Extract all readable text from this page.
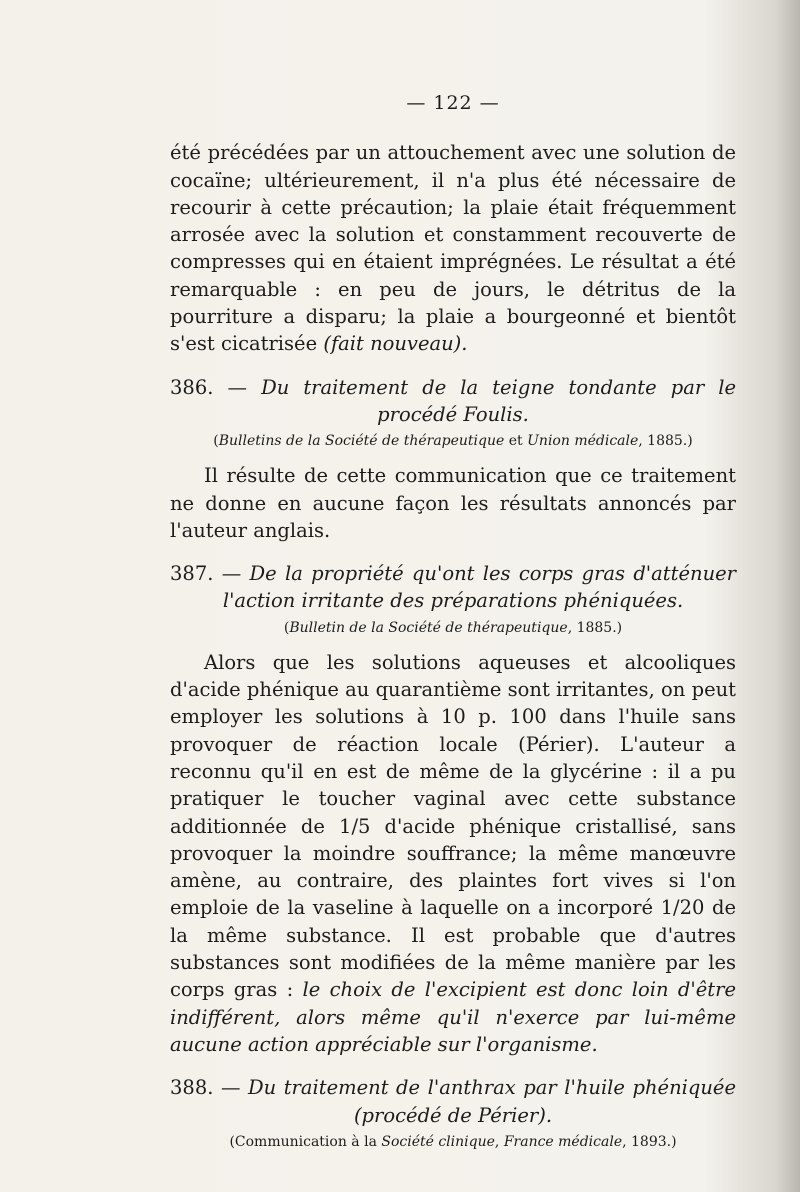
— 122 —

été précédées par un attouchement avec une solution de cocaïne; ultérieurement, il n'a plus été nécessaire de recourir à cette précaution; la plaie était fréquemment arrosée avec la solution et constamment recouverte de compresses qui en étaient imprégnées. Le résultat a été remarquable : en peu de jours, le détritus de la pourriture a disparu; la plaie a bourgeonné et bientôt s'est cicatrisée (fait nouveau).

386. — Du traitement de la teigne tondante par le procédé Foulis.

(Bulletins de la Société de thérapeutique et Union médicale, 1885.)

Il résulte de cette communication que ce traitement ne donne en aucune façon les résultats annoncés par l'auteur anglais.

387. — De la propriété qu'ont les corps gras d'atténuer l'action irritante des préparations phéniquées.

(Bulletin de la Société de thérapeutique, 1885.)

Alors que les solutions aqueuses et alcooliques d'acide phénique au quarantième sont irritantes, on peut employer les solutions à 10 p. 100 dans l'huile sans provoquer de réaction locale (Périer). L'auteur a reconnu qu'il en est de même de la glycérine : il a pu pratiquer le toucher vaginal avec cette substance additionnée de 1/5 d'acide phénique cristallisé, sans provoquer la moindre souffrance; la même manœuvre amène, au contraire, des plaintes fort vives si l'on emploie de la vaseline à laquelle on a incorporé 1/20 de la même substance. Il est probable que d'autres substances sont modifiées de la même manière par les corps gras : le choix de l'excipient est donc loin d'être indifférent, alors même qu'il n'exerce par lui-même aucune action appréciable sur l'organisme.

388. — Du traitement de l'anthrax par l'huile phéniquée (procédé de Périer).

(Communication à la Société clinique, France médicale, 1893.)
